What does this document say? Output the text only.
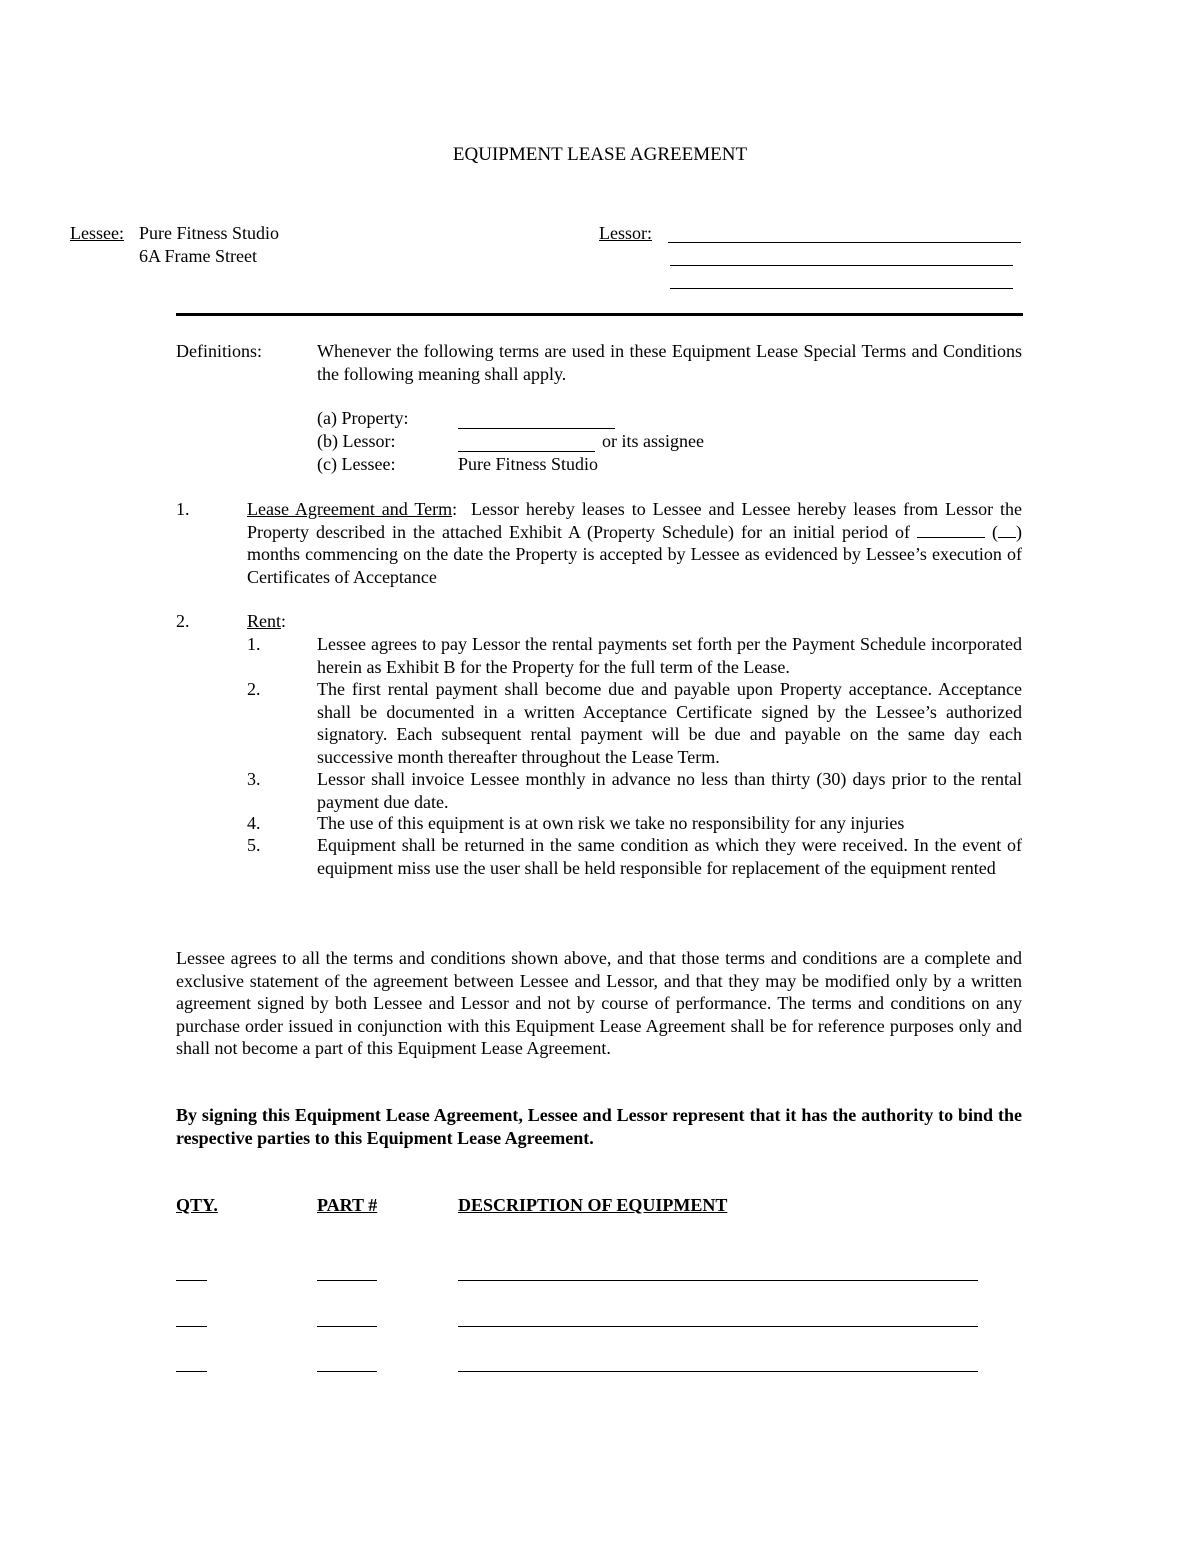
EQUIPMENT LEASE AGREEMENT
Lessee: Pure Fitness Studio
6A Frame Street
Lessor:
Definitions:	Whenever the following terms are used in these Equipment Lease Special Terms and Conditions the following meaning shall apply.
(a) Property:
(b) Lessor:	or its assignee
(c) Lessee:	Pure Fitness Studio
1.	Lease Agreement and Term:  Lessor hereby leases to Lessee and Lessee hereby leases from Lessor the Property described in the attached Exhibit A (Property Schedule) for an initial period of	( ) months commencing on the date the Property is accepted by Lessee as evidenced by Lessee’s execution of Certificates of Acceptance
2.	Rent:
1.	Lessee agrees to pay Lessor the rental payments set forth per the Payment Schedule incorporated herein as Exhibit B for the Property for the full term of the Lease.
2.	The first rental payment shall become due and payable upon Property acceptance. Acceptance shall be documented in a written Acceptance Certificate signed by the Lessee’s authorized signatory. Each subsequent rental payment will be due and payable on the same day each successive month thereafter throughout the Lease Term.
3.	Lessor shall invoice Lessee monthly in advance no less than thirty (30) days prior to the rental payment due date.
4.	The use of this equipment is at own risk we take no responsibility for any injuries
5.	Equipment shall be returned in the same condition as which they were received. In the event of equipment miss use the user shall be held responsible for replacement of the equipment rented
Lessee agrees to all the terms and conditions shown above, and that those terms and conditions are a complete and exclusive statement of the agreement between Lessee and Lessor, and that they may be modified only by a written agreement signed by both Lessee and Lessor and not by course of performance. The terms and conditions on any purchase order issued in conjunction with this Equipment Lease Agreement shall be for reference purposes only and shall not become a part of this Equipment Lease Agreement.
By signing this Equipment Lease Agreement, Lessee and Lessor represent that it has the authority to bind the respective parties to this Equipment Lease Agreement.
QTY.	PART #	DESCRIPTION OF EQUIPMENT
